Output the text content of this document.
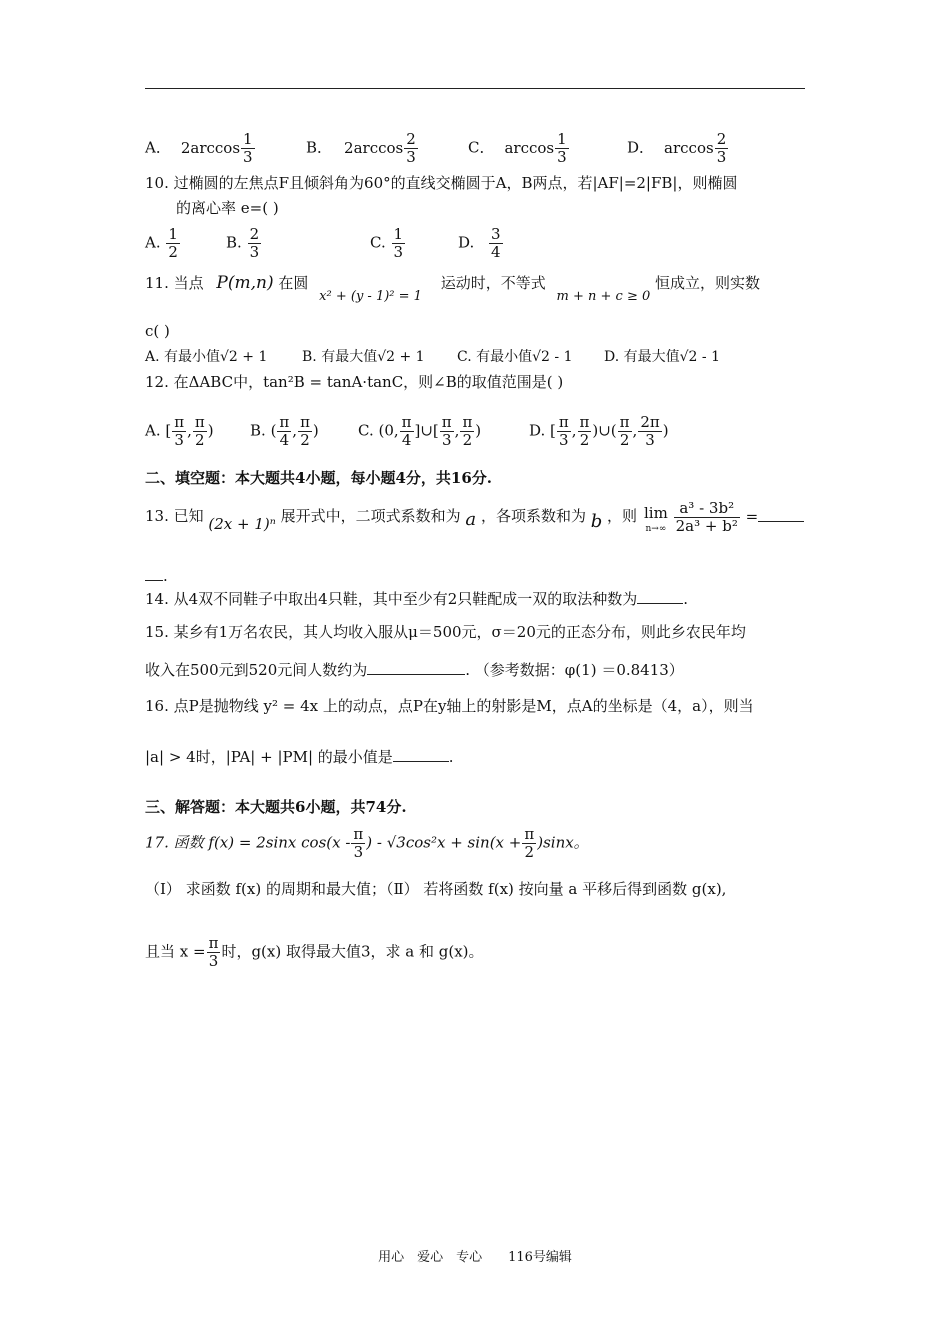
A． $2\arccos \frac{1}{3}$	B． $2\arccos \frac{2}{3}$	C． $\arccos \frac{1}{3}$	D． $\arccos \frac{2}{3}$
10. 过椭圆的左焦点F且倾斜角为60°的直线交椭圆于A，B两点，若|AF|=2|FB|，则椭圆
的离心率 e=( )
A. $\frac{1}{2}$	B. $\frac{2}{3}$	C. $\frac{1}{3}$	D. $\frac{3}{4}$
11. 当点 P(m,n) 在圆 x² + (y - 1)² = 1 运动时，不等式 m + n + c ≥ 0 恒成立，则实数
c( )
A. 有最小值√2 + 1 B. 有最大值√2 + 1 C. 有最小值√2 - 1 D. 有最大值√2 - 1
12. 在ΔABC中，tan²B = tanA·tanC，则∠B的取值范围是( )
A. [ $\frac{\pi}{3}$ , $\frac{\pi}{2}$ ) B. ( $\frac{\pi}{4}$ , $\frac{\pi}{2}$ )	C. (0, $\frac{\pi}{4}$ ]∪[ $\frac{\pi}{3}$ , $\frac{\pi}{2}$ )	D. [ $\frac{\pi}{3}$ , $\frac{\pi}{2}$ )∪( $\frac{\pi}{2}$ , $\frac{2\pi}{3}$ )
二、填空题：本大题共4小题，每小题4分，共16分.
13. 已知 (2x + 1)ⁿ 展开式中，二项式系数和为 a ，各项系数和为 b ，则 lim
n→∞
$\frac{\text{a³ - 3b²}}{\text{2a³ + b²}}$ =
.
14. 从4双不同鞋子中取出4只鞋，其中至少有2只鞋配成一双的取法种数为	.
15. 某乡有1万名农民，其人均收入服从μ＝500元，σ＝20元的正态分布，则此乡农民年均
收入在500元到520元间人数约为	. （参考数据：φ(1) ＝0.8413）
16. 点P是抛物线 y² = 4x 上的动点，点P在y轴上的射影是M，点A的坐标是（4，a），则当
|a| > 4时，|PA| + |PM| 的最小值是	.
三、解答题：本大题共6小题，共74分.
17. 函数 f(x) = 2sinx $\cos(x - \frac{\pi}{3}$ ) - $√3\cos^2x + \sin(x + \frac{\pi}{2} )\sin x$。
（Ⅰ） 求函数 f(x) 的周期和最大值；（Ⅱ） 若将函数 f(x) 按向量 a 平移后得到函数 g(x),
且当 $x = \frac{\pi}{3}$ 时，g(x) 取得最大值3，求 a 和 g(x)。
用心　爱心　专心　　116号编辑
